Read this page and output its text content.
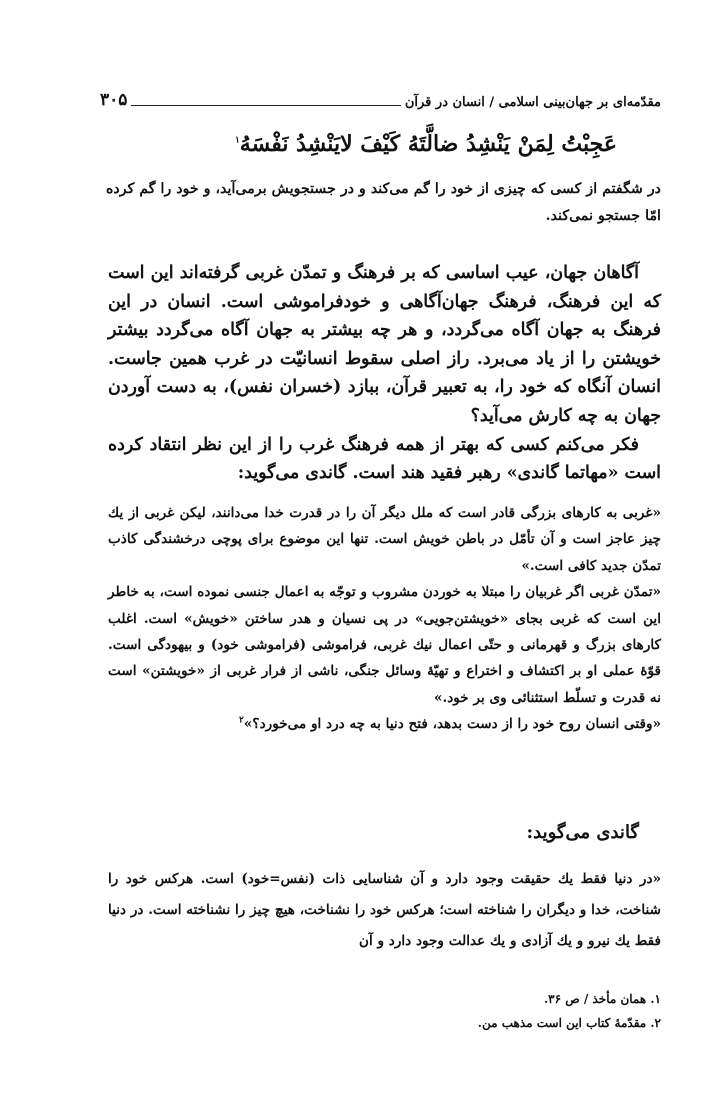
۳۰۵	مقدّمه‌ای بر جهان‌بینی اسلامی / انسان در قرآن
عَجِبْتُ لِمَنْ یَنْشِدُ ضالَّتَهُ کَیْفَ لایَنْشِدُ نَفْسَهُ$^۱$

در شگفتم از کسی که چیزی از خود را گم می‌کند و در جستجویش برمی‌آید، و خود را گم کرده امّا جستجو نمی‌کند.

آگاهان جهان، عیب اساسی که بر فرهنگ و تمدّن غربی گرفته‌اند این است که این فرهنگ، فرهنگ جهان‌آگاهی و خودفراموشی است. انسان در این فرهنگ به جهان آگاه می‌گردد، و هر چه بیشتر به جهان آگاه می‌گردد بیشتر خویشتن را از یاد می‌برد. راز اصلی سقوط انسانیّت در غرب همین جاست. انسان آنگاه که خود را، به تعبیر قرآن، ببازد (خسران نفس)، به دست آوردن جهان به چه کارش می‌آید؟

فکر می‌کنم کسی که بهتر از همه فرهنگ غرب را از این نظر انتقاد کرده است «مهاتما گاندی» رهبر فقید هند است. گاندی می‌گوید:

«غربی به کارهای بزرگی قادر است که ملل دیگر آن را در قدرت خدا می‌دانند، لیکن غربی از یك چیز عاجز است و آن تأمّل در باطن خویش است. تنها این موضوع برای پوچی درخشندگی کاذب تمدّن جدید کافی است.»

«تمدّن غربی اگر غربیان را مبتلا به خوردن مشروب و توجّه به اعمال جنسی نموده است، به خاطر این است که غربی بجای «خویشتن‌جویی» در پی نسیان و هدر ساختن «خویش» است. اغلب کارهای بزرگ و قهرمانی و حتّی اعمال نیك غربی، فراموشی (فراموشی خود) و بیهودگی است. قوّهٔ عملی او بر اکتشاف و اختراع و تهیّهٔ وسائل جنگی، ناشی از فرار غربی از «خویشتن» است نه قدرت و تسلّط استثنائی وی بر خود.»

«وقتی انسان روح خود را از دست بدهد، فتح دنیا به چه درد او می‌خورد؟»$^۲$

گاندی می‌گوید:

«در دنیا فقط یك حقیقت وجود دارد و آن شناسایی ذات (نفس=خود) است. هرکس خود را شناخت، خدا و دیگران را شناخته است؛ هرکس خود را نشناخت، هیچ چیز را نشناخته است. در دنیا فقط یك نیرو و یك آزادی و یك عدالت وجود دارد و آن

۱. همان مأخذ / ص ۳۶.

۲. مقدّمهٔ کتاب این است مذهب من.
